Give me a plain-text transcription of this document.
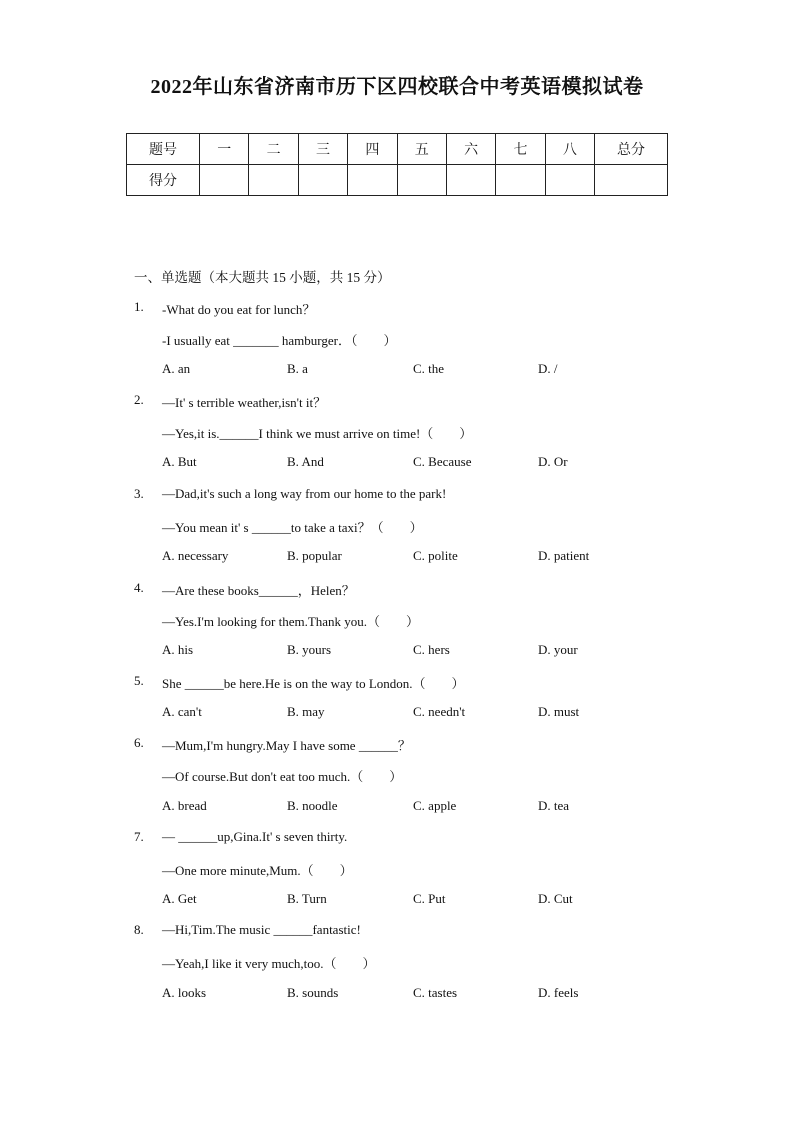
2022年山东省济南市历下区四校联合中考英语模拟试卷
题号	一	二	三	四	五	六	七	八	总分
得分									
一、单选题（本大题共 15 小题，共 15 分）
1. -What do you eat for lunch？
-I usually eat _______ hamburger．（　　）
A. an	B. a	C. the	D. /
2. —It' s terrible weather,isn't it？
—Yes,it is.______I think we must arrive on time!（　　）
A. But	B. And	C. Because	D. Or
3. —Dad,it's such a long way from our home to the park!
—You mean it' s ______to take a taxi？（　　）
A. necessary	B. popular	C. polite	D. patient
4. —Are these books______，Helen？
—Yes.I'm looking for them.Thank you.（　　）
A. his	B. yours	C. hers	D. your
5. She ______be here.He is on the way to London.（　　）
A. can't	B. may	C. needn't	D. must
6. —Mum,I'm hungry.May I have some ______？
—Of course.But don't eat too much.（　　）
A. bread	B. noodle	C. apple	D. tea
7. — ______up,Gina.It' s seven thirty.
—One more minute,Mum.（　　）
A. Get	B. Turn	C. Put	D. Cut
8. —Hi,Tim.The music ______fantastic!
—Yeah,I like it very much,too.（　　）
A. looks	B. sounds	C. tastes	D. feels
